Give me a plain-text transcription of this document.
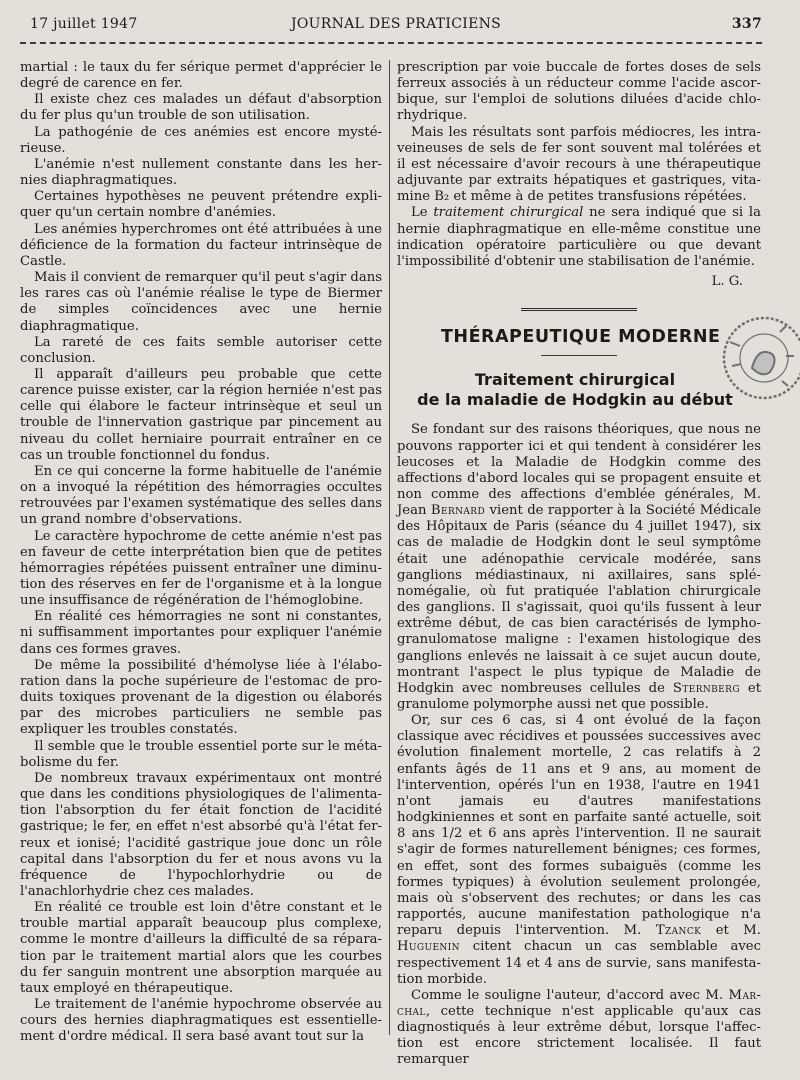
17 juillet 1947	JOURNAL DES PRATICIENS	337

martial : le taux du fer sérique permet d'apprécier le degré de carence en fer.

Il existe chez ces malades un défaut d'absorption du fer plus qu'un trouble de son utilisation.

La pathogénie de ces anémies est encore mystérieuse.

L'anémie n'est nullement constante dans les hernies diaphragmatiques.

Certaines hypothèses ne peuvent prétendre expliquer qu'un certain nombre d'anémies.

Les anémies hyperchromes ont été attribuées à une déficience de la formation du facteur intrinsèque de Castle.

Mais il convient de remarquer qu'il peut s'agir dans les rares cas où l'anémie réalise le type de Biermer de simples coïncidences avec une hernie diaphragmatique.

La rareté de ces faits semble autoriser cette conclusion.

Il apparaît d'ailleurs peu probable que cette carence puisse exister, car la région herniée n'est pas celle qui élabore le facteur intrinsèque et seul un trouble de l'innervation gastrique par pincement au niveau du collet herniaire pourrait entraîner en ce cas un trouble fonctionnel du fondus.

En ce qui concerne la forme habituelle de l'anémie on a invoqué la répétition des hémorragies occultes retrouvées par l'examen systématique des selles dans un grand nombre d'observations.

Le caractère hypochrome de cette anémie n'est pas en faveur de cette interprétation bien que de petites hémorragies répétées puissent entraîner une diminution des réserves en fer de l'organisme et à la longue une insuffisance de régénération de l'hémoglobine.

En réalité ces hémorragies ne sont ni constantes, ni suffisamment importantes pour expliquer l'anémie dans ces formes graves.

De même la possibilité d'hémolyse liée à l'élaboration dans la poche supérieure de l'estomac de produits toxiques provenant de la digestion ou élaborés par des microbes particuliers ne semble pas expliquer les troubles constatés.

Il semble que le trouble essentiel porte sur le métabolisme du fer.

De nombreux travaux expérimentaux ont montré que dans les conditions physiologiques de l'alimentation l'absorption du fer était fonction de l'acidité gastrique; le fer, en effet n'est absorbé qu'à l'état ferreux et ionisé; l'acidité gastrique joue donc un rôle capital dans l'absorption du fer et nous avons vu la fréquence de l'hypochlorhydrie ou de l'anachlorhydrie chez ces malades.

En réalité ce trouble est loin d'être constant et le trouble martial apparaît beaucoup plus complexe, comme le montre d'ailleurs la difficulté de sa réparation par le traitement martial alors que les courbes du fer sanguin montrent une absorption marquée au taux employé en thérapeutique.

Le traitement de l'anémie hypochrome observée au cours des hernies diaphragmatiques est essentiellement d'ordre médical. Il sera basé avant tout sur la

prescription par voie buccale de fortes doses de sels ferreux associés à un réducteur comme l'acide ascorbique, sur l'emploi de solutions diluées d'acide chlorhydrique.

Mais les résultats sont parfois médiocres, les intraveineuses de sels de fer sont souvent mal tolérées et il est nécessaire d'avoir recours à une thérapeutique adjuvante par extraits hépatiques et gastriques, vitamine B₂ et même à de petites transfusions répétées.

Le traitement chirurgical ne sera indiqué que si la hernie diaphragmatique en elle-même constitue une indication opératoire particulière ou que devant l'impossibilité d'obtenir une stabilisation de l'anémie.

L. G.

THÉRAPEUTIQUE MODERNE
Traitement chirurgical
de la maladie de Hodgkin au début

Se fondant sur des raisons théoriques, que nous ne pouvons rapporter ici et qui tendent à considérer les leucoses et la Maladie de Hodgkin comme des affections d'abord locales qui se propagent ensuite et non comme des affections d'emblée générales, M. Jean Bernard vient de rapporter à la Société Médicale des Hôpitaux de Paris (séance du 4 juillet 1947), six cas de maladie de Hodgkin dont le seul symptôme était une adénopathie cervicale modérée, sans ganglions médiastinaux, ni axillaires, sans splénomégalie, où fut pratiquée l'ablation chirurgicale des ganglions. Il s'agissait, quoi qu'ils fussent à leur extrême début, de cas bien caractérisés de lymphogranulomatose maligne : l'examen histologique des ganglions enlevés ne laissait à ce sujet aucun doute, montrant l'aspect le plus typique de Maladie de Hodgkin avec nombreuses cellules de Sternberg et granulome polymorphe aussi net que possible.

Or, sur ces 6 cas, si 4 ont évolué de la façon classique avec récidives et poussées successives avec évolution finalement mortelle, 2 cas relatifs à 2 enfants âgés de 11 ans et 9 ans, au moment de l'intervention, opérés l'un en 1938, l'autre en 1941 n'ont jamais eu d'autres manifestations hodgkiniennes et sont en parfaite santé actuelle, soit 8 ans 1/2 et 6 ans après l'intervention. Il ne saurait s'agir de formes naturellement bénignes; ces formes, en effet, sont des formes subaiguës (comme les formes typiques) à évolution seulement prolongée, mais où s'observent des rechutes; or dans les cas rapportés, aucune manifestation pathologique n'a reparu depuis l'intervention. M. Tzanck et M. Huguenin citent chacun un cas semblable avec respectivement 14 et 4 ans de survie, sans manifestation morbide.

Comme le souligne l'auteur, d'accord avec M. Marchal, cette technique n'est applicable qu'aux cas diagnostiqués à leur extrême début, lorsque l'affection est encore strictement localisée. Il faut remarquer
